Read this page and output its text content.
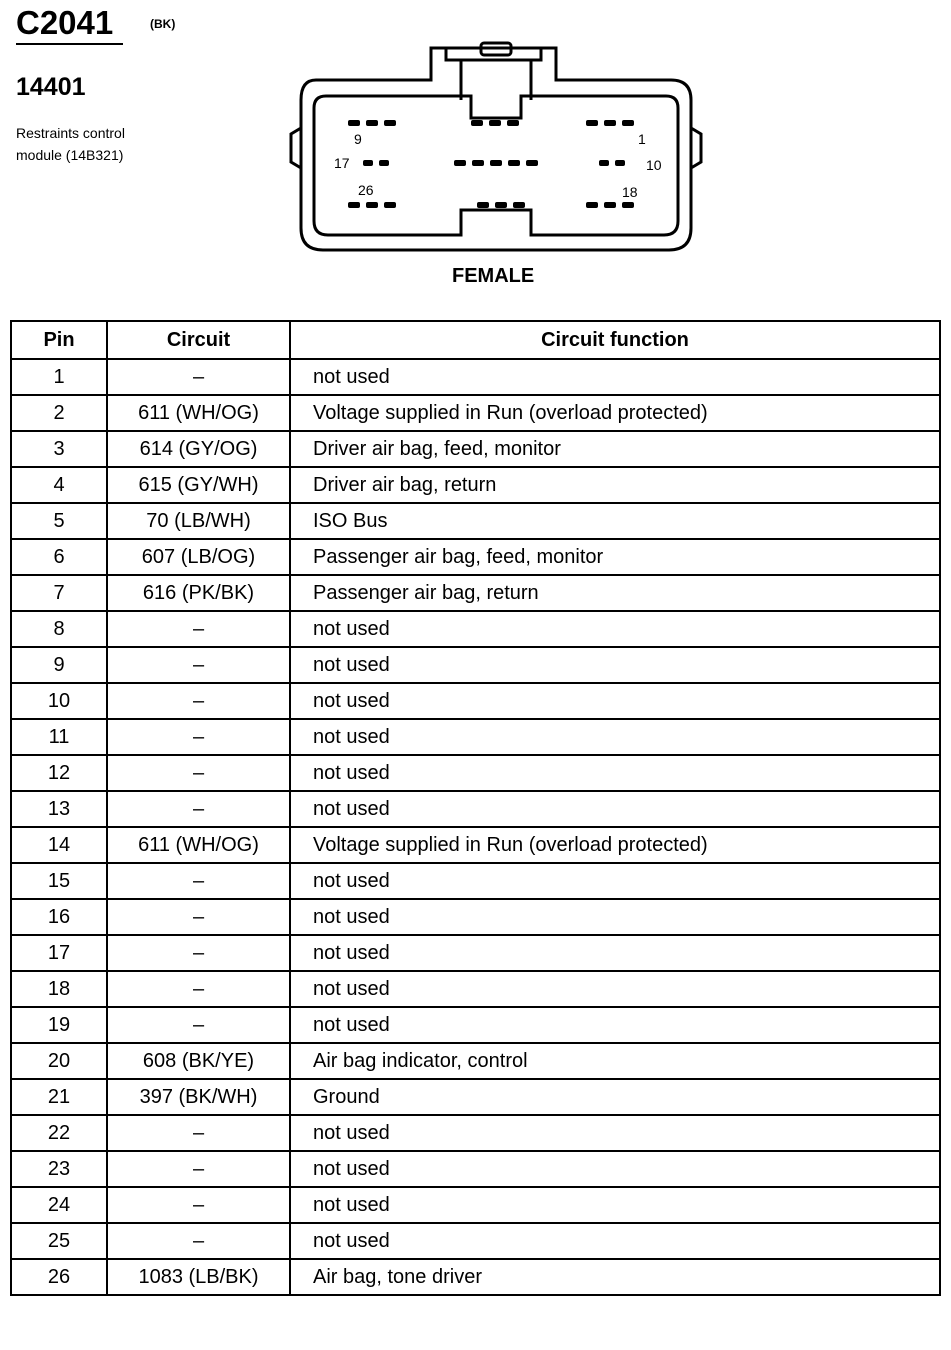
C2041	(BK)
14401
Restraints control
module (14B321)
9	1
17	10
26	18
FEMALE
Pin	Circuit	Circuit function
1	–	not used
2	611 (WH/OG)	Voltage supplied in Run (overload protected)
3	614 (GY/OG)	Driver air bag, feed, monitor
4	615 (GY/WH)	Driver air bag, return
5	70 (LB/WH)	ISO Bus
6	607 (LB/OG)	Passenger air bag, feed, monitor
7	616 (PK/BK)	Passenger air bag, return
8	–	not used
9	–	not used
10	–	not used
11	–	not used
12	–	not used
13	–	not used
14	611 (WH/OG)	Voltage supplied in Run (overload protected)
15	–	not used
16	–	not used
17	–	not used
18	–	not used
19	–	not used
20	608 (BK/YE)	Air bag indicator, control
21	397 (BK/WH)	Ground
22	–	not used
23	–	not used
24	–	not used
25	–	not used
26	1083 (LB/BK)	Air bag, tone driver
